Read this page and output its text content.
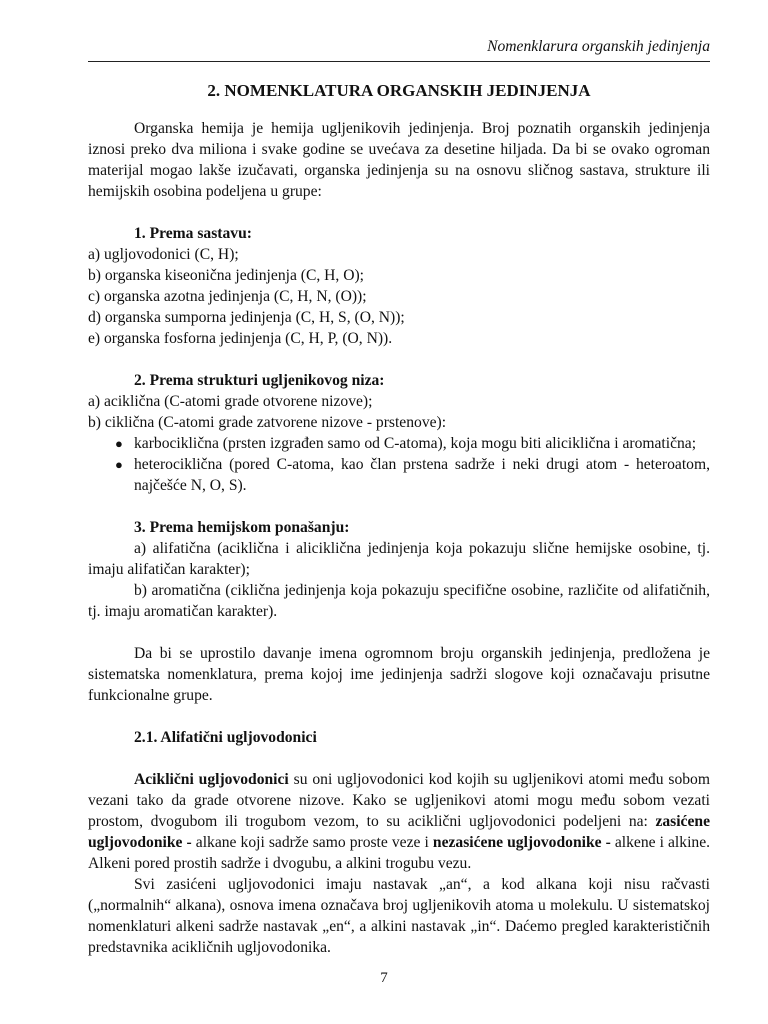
Nomenklarura organskih jedinjenja
2. NOMENKLATURA ORGANSKIH JEDINJENJA

Organska hemija je hemija ugljenikovih jedinjenja. Broj poznatih organskih jedinjenja iznosi preko dva miliona i svake godine se uvećava za desetine hiljada. Da bi se ovako ogroman materijal mogao lakše izučavati, organska jedinjenja su na osnovu sličnog sastava, strukture ili hemijskih osobina podeljena u grupe:

1. Prema sastavu:

a) ugljovodonici (C, H);

b) organska kiseonična jedinjenja (C, H, O);

c) organska azotna jedinjenja (C, H, N, (O));

d) organska sumporna jedinjenja (C, H, S, (O, N));

e) organska fosforna jedinjenja (C, H, P, (O, N)).

2. Prema strukturi ugljenikovog niza:

a) aciklična (C-atomi grade otvorene nizove);

b) ciklična (C-atomi grade zatvorene nizove - prstenove):

● karbociklična (prsten izgrađen samo od C-atoma), koja mogu biti aliciklična i aromatična;
● heterociklična (pored C-atoma, kao član prstena sadrže i neki drugi atom - heteroatom, najčešće N, O, S).

3. Prema hemijskom ponašanju:

a) alifatična (aciklična i aliciklična jedinjenja koja pokazuju slične hemijske osobine, tj. imaju alifatičan karakter);

b) aromatična (ciklična jedinjenja koja pokazuju specifične osobine, različite od alifatičnih, tj. imaju aromatičan karakter).

Da bi se uprostilo davanje imena ogromnom broju organskih jedinjenja, predložena je sistematska nomenklatura, prema kojoj ime jedinjenja sadrži slogove koji označavaju prisutne funkcionalne grupe.

2.1. Alifatični ugljovodonici

Aciklični ugljovodonici su oni ugljovodonici kod kojih su ugljenikovi atomi među sobom vezani tako da grade otvorene nizove. Kako se ugljenikovi atomi mogu među sobom vezati prostom, dvogubom ili trogubom vezom, to su aciklični ugljovodonici podeljeni na: zasićene ugljovodonike - alkane koji sadrže samo proste veze i nezasićene ugljovodonike - alkene i alkine. Alkeni pored prostih sadrže i dvogubu, a alkini trogubu vezu.

Svi zasićeni ugljovodonici imaju nastavak „an“, a kod alkana koji nisu račvasti („normalnih“ alkana), osnova imena označava broj ugljenikovih atoma u molekulu. U sistematskoj nomenklaturi alkeni sadrže nastavak „en“, a alkini nastavak „in“. Daćemo pregled karakterističnih predstavnika acikličnih ugljovodonika.

7
